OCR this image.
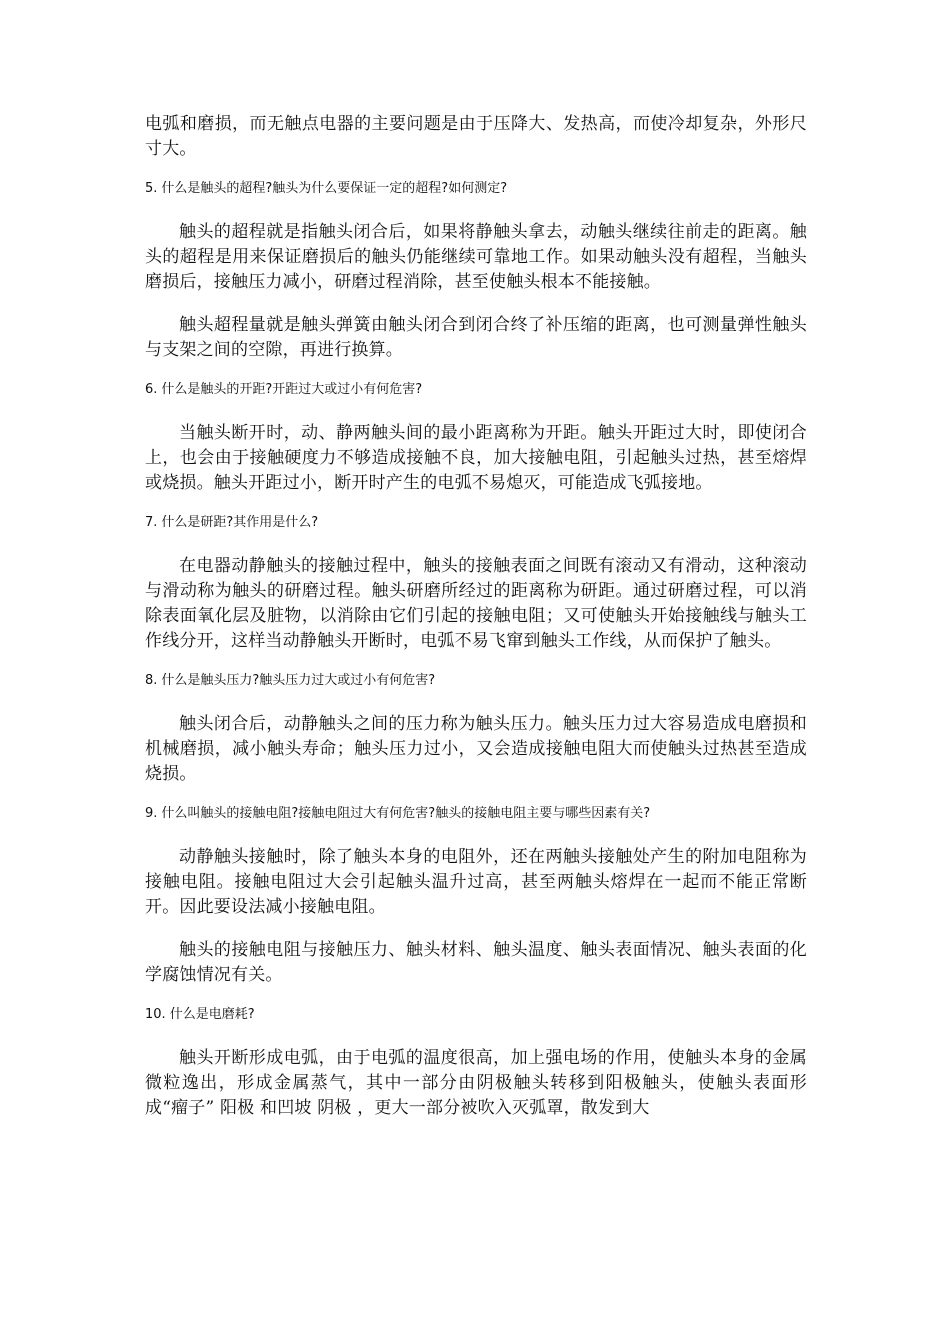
电弧和磨损，而无触点电器的主要问题是由于压降大、发热高，而使冷却复杂，外形尺寸大。

5. 什么是触头的超程?触头为什么要保证一定的超程?如何测定?

触头的超程就是指触头闭合后，如果将静触头拿去，动触头继续往前走的距离。触头的超程是用来保证磨损后的触头仍能继续可靠地工作。如果动触头没有超程，当触头磨损后，接触压力减小，研磨过程消除，甚至使触头根本不能接触。

触头超程量就是触头弹簧由触头闭合到闭合终了补压缩的距离，也可测量弹性触头与支架之间的空隙，再进行换算。

6. 什么是触头的开距?开距过大或过小有何危害?

当触头断开时，动、静两触头间的最小距离称为开距。触头开距过大时，即使闭合上，也会由于接触硬度力不够造成接触不良，加大接触电阻，引起触头过热，甚至熔焊或烧损。触头开距过小，断开时产生的电弧不易熄灭，可能造成飞弧接地。

7. 什么是研距?其作用是什么?

在电器动静触头的接触过程中，触头的接触表面之间既有滚动又有滑动，这种滚动与滑动称为触头的研磨过程。触头研磨所经过的距离称为研距。通过研磨过程，可以消除表面氧化层及脏物，以消除由它们引起的接触电阻；又可使触头开始接触线与触头工作线分开，这样当动静触头开断时，电弧不易飞窜到触头工作线，从而保护了触头。

8. 什么是触头压力?触头压力过大或过小有何危害?

触头闭合后，动静触头之间的压力称为触头压力。触头压力过大容易造成电磨损和机械磨损，减小触头寿命；触头压力过小，又会造成接触电阻大而使触头过热甚至造成烧损。

9. 什么叫触头的接触电阻?接触电阻过大有何危害?触头的接触电阻主要与哪些因素有关?

动静触头接触时，除了触头本身的电阻外，还在两触头接触处产生的附加电阻称为接触电阻。接触电阻过大会引起触头温升过高，甚至两触头熔焊在一起而不能正常断开。因此要设法减小接触电阻。

触头的接触电阻与接触压力、触头材料、触头温度、触头表面情况、触头表面的化学腐蚀情况有关。

10. 什么是电磨耗?

触头开断形成电弧，由于电弧的温度很高，加上强电场的作用，使触头本身的金属微粒逸出，形成金属蒸气，其中一部分由阴极触头转移到阳极触头，使触头表面形成“瘤子” 阳极 和凹坡 阴极 ，更大一部分被吹入灭弧罩，散发到大
